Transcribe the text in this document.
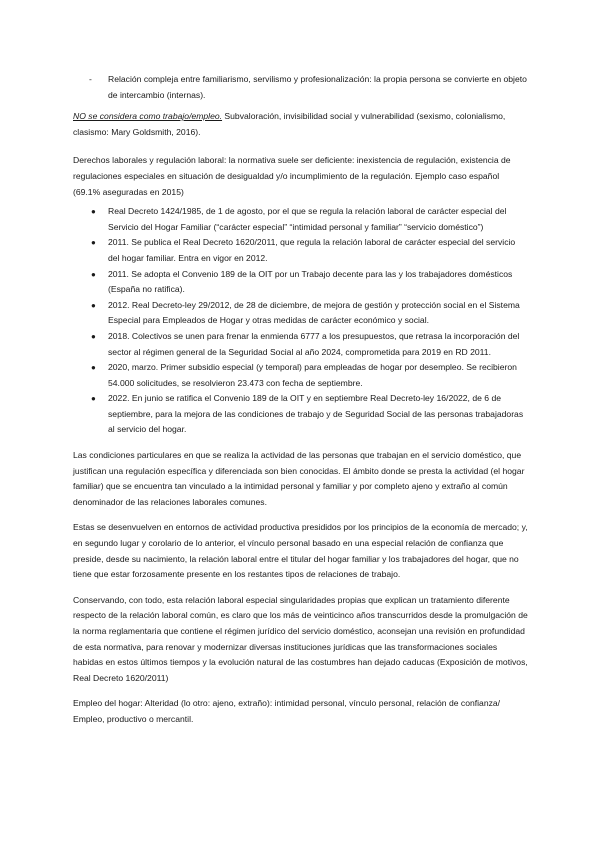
-	Relación compleja entre familiarismo, servilismo y profesionalización: la propia persona se convierte en objeto de intercambio (internas).

NO se considera como trabajo/empleo. Subvaloración, invisibilidad social y vulnerabilidad (sexismo, colonialismo, clasismo: Mary Goldsmith, 2016).

Derechos laborales y regulación laboral: la normativa suele ser deficiente: inexistencia de regulación, existencia de regulaciones especiales en situación de desigualdad y/o incumplimiento de la regulación. Ejemplo caso español (69.1% aseguradas en 2015)

●	Real Decreto 1424/1985, de 1 de agosto, por el que se regula la relación laboral de carácter especial del Servicio del Hogar Familiar (“carácter especial” “intimidad personal y familiar” “servicio doméstico”)
●	2011. Se publica el Real Decreto 1620/2011, que regula la relación laboral de carácter especial del servicio del hogar familiar. Entra en vigor en 2012.
●	2011. Se adopta el Convenio 189 de la OIT por un Trabajo decente para las y los trabajadores domésticos (España no ratifica).
●	2012. Real Decreto-ley 29/2012, de 28 de diciembre, de mejora de gestión y protección social en el Sistema Especial para Empleados de Hogar y otras medidas de carácter económico y social.
●	2018. Colectivos se unen para frenar la enmienda 6777 a los presupuestos, que retrasa la incorporación del sector al régimen general de la Seguridad Social al año 2024, comprometida para 2019 en RD 2011.
●	2020, marzo. Primer subsidio especial (y temporal) para empleadas de hogar por desempleo. Se recibieron 54.000 solicitudes, se resolvieron 23.473 con fecha de septiembre.
●	2022. En junio se ratifica el Convenio 189 de la OIT y en septiembre Real Decreto-ley 16/2022, de 6 de septiembre, para la mejora de las condiciones de trabajo y de Seguridad Social de las personas trabajadoras al servicio del hogar.

Las condiciones particulares en que se realiza la actividad de las personas que trabajan en el servicio doméstico, que justifican una regulación específica y diferenciada son bien conocidas. El ámbito donde se presta la actividad (el hogar familiar) que se encuentra tan vinculado a la intimidad personal y familiar y por completo ajeno y extraño al común denominador de las relaciones laborales comunes.

Estas se desenvuelven en entornos de actividad productiva presididos por los principios de la economía de mercado; y, en segundo lugar y corolario de lo anterior, el vínculo personal basado en una especial relación de confianza que preside, desde su nacimiento, la relación laboral entre el titular del hogar familiar y los trabajadores del hogar, que no tiene que estar forzosamente presente en los restantes tipos de relaciones de trabajo.

Conservando, con todo, esta relación laboral especial singularidades propias que explican un tratamiento diferente respecto de la relación laboral común, es claro que los más de veinticinco años transcurridos desde la promulgación de la norma reglamentaria que contiene el régimen jurídico del servicio doméstico, aconsejan una revisión en profundidad de esta normativa, para renovar y modernizar diversas instituciones jurídicas que las transformaciones sociales habidas en estos últimos tiempos y la evolución natural de las costumbres han dejado caducas (Exposición de motivos, Real Decreto 1620/2011)

Empleo del hogar: Alteridad (lo otro: ajeno, extraño): intimidad personal, vínculo personal, relación de confianza/ Empleo, productivo o mercantil.
